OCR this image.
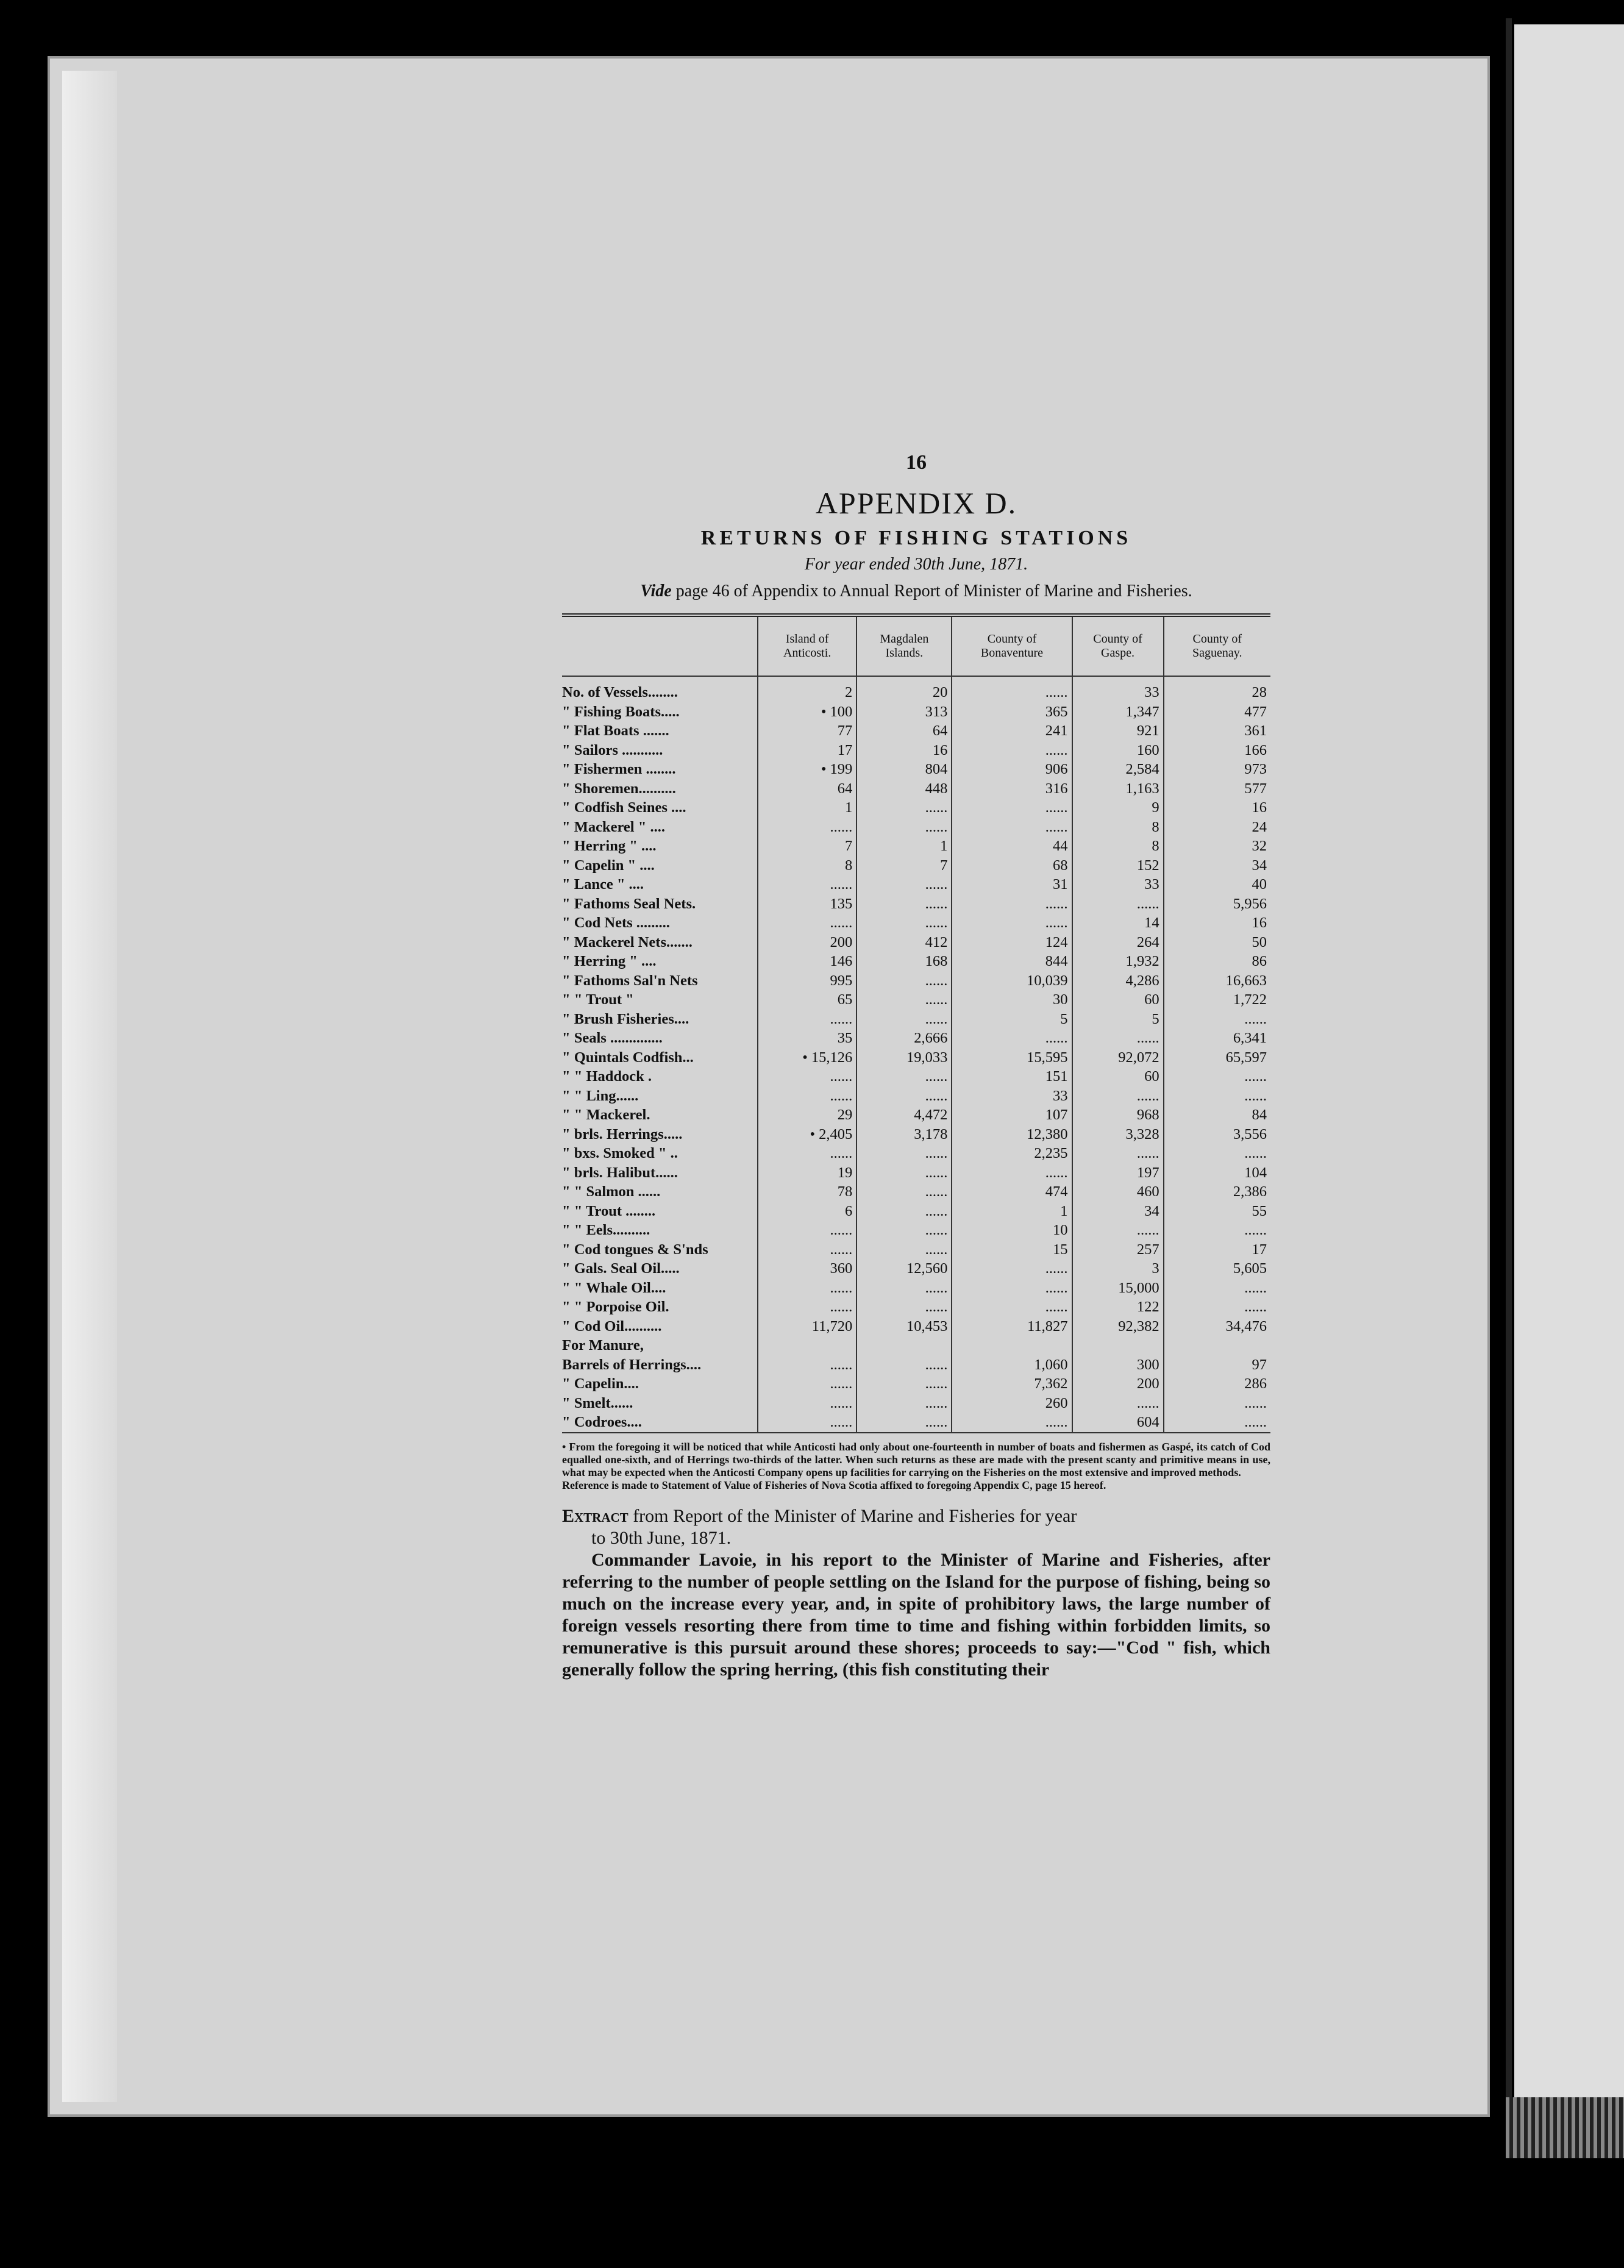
16
APPENDIX D.
RETURNS OF FISHING STATIONS
For year ended 30th June, 1871.
Vide page 46 of Appendix to Annual Report of Minister of Marine and Fisheries.
	Island of Anticosti.	Magdalen Islands.	County of Bonaventure	County of Gaspe.	County of Saguenay.
No. of Vessels........	2	20	......	33	28
" Fishing Boats.....	• 100	313	365	1,347	477
" Flat Boats .......	77	64	241	921	361
" Sailors ...........	17	16	......	160	166
" Fishermen ........	• 199	804	906	2,584	973
" Shoremen..........	64	448	316	1,163	577
" Codfish Seines ....	1	......	......	9	16
" Mackerel " ....	......	......	......	8	24
" Herring " ....	7	1	44	8	32
" Capelin " ....	8	7	68	152	34
" Lance " ....	......	......	31	33	40
" Fathoms Seal Nets.	135	......	......	......	5,956
" Cod Nets .........	......	......	......	14	16
" Mackerel Nets.......	200	412	124	264	50
" Herring " ....	146	168	844	1,932	86
" Fathoms Sal'n Nets	995	......	10,039	4,286	16,663
" " Trout "	65	......	30	60	1,722
" Brush Fisheries....	......	......	5	5	......
" Seals ..............	35	2,666	......	......	6,341
" Quintals Codfish...	• 15,126	19,033	15,595	92,072	65,597
" " Haddock .	......	......	151	60	......
" " Ling......	......	......	33	......	......
" " Mackerel.	29	4,472	107	968	84
" brls. Herrings.....	• 2,405	3,178	12,380	3,328	3,556
" bxs. Smoked " ..	......	......	2,235	......	......
" brls. Halibut......	19	......	......	197	104
" " Salmon ......	78	......	474	460	2,386
" " Trout ........	6	......	1	34	55
" " Eels..........	......	......	10	......	......
" Cod tongues & S'nds	......	......	15	257	17
" Gals. Seal Oil.....	360	12,560	......	3	5,605
" " Whale Oil....	......	......	......	15,000	......
" " Porpoise Oil.	......	......	......	122	......
" Cod Oil..........	11,720	10,453	11,827	92,382	34,476
For Manure,					
Barrels of Herrings....	......	......	1,060	300	97
" Capelin....	......	......	7,362	200	286
" Smelt......	......	......	260	......	......
" Codroes....	......	......	......	604	......
• From the foregoing it will be noticed that while Anticosti had only about one-fourteenth in number of boats and fishermen as Gaspé, its catch of Cod equalled one-sixth, and of Herrings two-thirds of the latter. When such returns as these are made with the present scanty and primitive means in use, what may be expected when the Anticosti Company opens up facilities for carrying on the Fisheries on the most extensive and improved methods.
Reference is made to Statement of Value of Fisheries of Nova Scotia affixed to foregoing Appendix C, page 15 hereof.
Extract from Report of the Minister of Marine and Fisheries for year
to 30th June, 1871.
Commander Lavoie, in his report to the Minister of Marine and Fisheries, after referring to the number of people settling on the Island for the purpose of fishing, being so much on the increase every year, and, in spite of prohibitory laws, the large number of foreign vessels resorting there from time to time and fishing within forbidden limits, so remunerative is this pursuit around these shores; proceeds to say:—"Cod " fish, which generally follow the spring herring, (this fish constituting their
